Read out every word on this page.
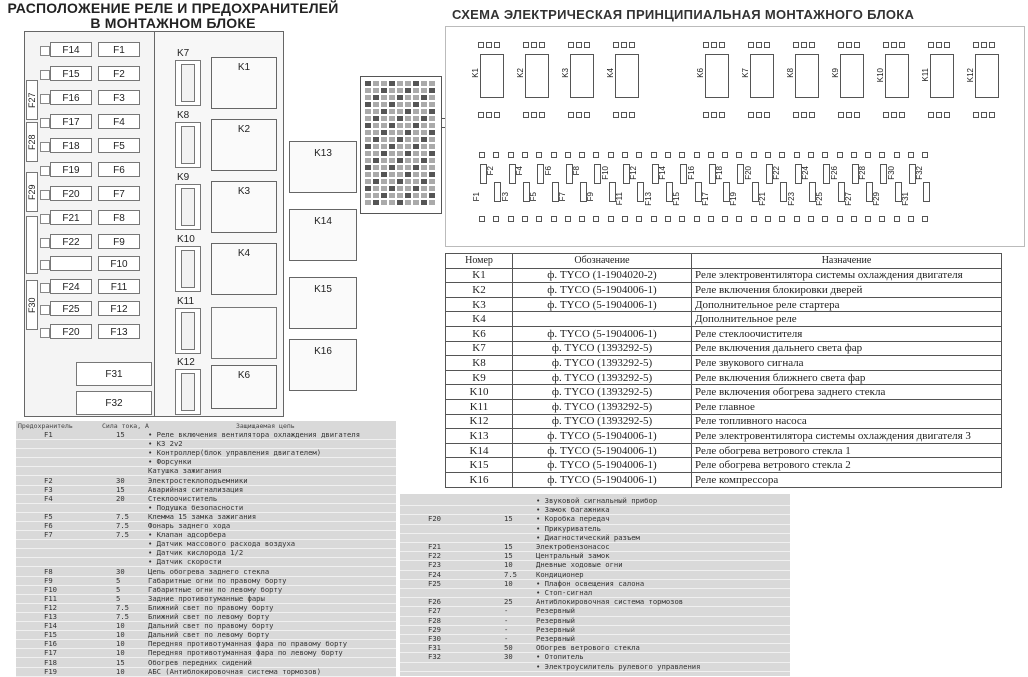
РАСПОЛОЖЕНИЕ РЕЛЕ И ПРЕДОХРАНИТЕЛЕЙ
В МОНТАЖНОМ БЛОКЕ
СХЕМА ЭЛЕКТРИЧЕСКАЯ ПРИНЦИПИАЛЬНАЯ МОНТАЖНОГО БЛОКА
F14	F1
F15	F2
F16	F3
F17	F4
F18	F5
F19	F6
F20	F7
F21	F8
F22	F9
F10
F24	F11
F25	F12
F20	F13
F27
F28
F29
F30
F31
F32
K7
K8
K9
K10
K11
K12
K1
K2
K3
K4
K6
K13
K14
K15
K16
K1	K2	K3	K4	K6	K7	K8	K9	K10	K11	K12
F1
F2
F3
F4
F5
F6
F7
F8
F9
F10
F11
F12
F13
F14
F15
F16
F17
F18
F19
F20
F21
F22
F23
F24
F25
F26
F27
F28
F29
F30
F31
F32
Номер	Обозначение	Назначение
K1	ф. TYCO (1-1904020-2)	Реле электровентилятора системы охлаждения двигателя
K2	ф. TYCO (5-1904006-1)	Реле включения блокировки дверей
K3	ф. TYCO (5-1904006-1)	Дополнительное реле стартера
K4		Дополнительное реле
K6	ф. TYCO (5-1904006-1)	Реле стеклоочистителя
K7	ф. TYCO (1393292-5)	Реле включения дальнего света фар
K8	ф. TYCO (1393292-5)	Реле звукового сигнала
K9	ф. TYCO (1393292-5)	Реле включения ближнего света фар
K10	ф. TYCO (1393292-5)	Реле включения обогрева заднего стекла
K11	ф. TYCO (1393292-5)	Реле главное
K12	ф. TYCO (1393292-5)	Реле топливного насоса
K13	ф. TYCO (5-1904006-1)	Реле электровентилятора системы охлаждения двигателя 3
K14	ф. TYCO (5-1904006-1)	Реле обогрева ветрового стекла 1
K15	ф. TYCO (5-1904006-1)	Реле обогрева ветрового стекла 2
K16	ф. TYCO (5-1904006-1)	Реле компрессора
Предохранитель	Сила тока, А	Защищаемая цепь
F1	15	• Реле включения вентилятора охлаждения двигателя
• К3 2v2
• Контроллер(блок управления двигателем)
• Форсунки
Катушка зажигания
F2	30	Электростеклоподъемники
F3	15	Аварийная сигнализация
F4	20	Стеклоочиститель
• Подушка безопасности
F5	7.5	Клемма 15 замка зажигания
F6	7.5	Фонарь заднего хода
F7	7.5	• Клапан адсорбера
• Датчик массового расхода воздуха
• Датчик кислорода 1/2
• Датчик скорости
F8	30	Цепь обогрева заднего стекла
F9	5	Габаритные огни по правому борту
F10	5	Габаритные огни по левому борту
F11	5	Задние противотуманные фары
F12	7.5	Ближний свет по правому борту
F13	7.5	Ближний свет по левому борту
F14	10	Дальний свет по правому борту
F15	10	Дальний свет по левому борту
F16	10	Передняя противотуманная фара по правому борту
F17	10	Передняя противотуманная фара по левому борту
F18	15	Обогрев передних сидений
F19	10	АБС (Антиблокировочная система тормозов)
• Звуковой сигнальный прибор
• Замок багажника
F20	15	• Коробка передач
• Прикуриватель
• Диагностический разъем
F21	15	Электробензонасос
F22	15	Центральный замок
F23	10	Дневные ходовые огни
F24	7.5	Кондиционер
F25	10	• Плафон освещения салона
• Стоп-сигнал
F26	25	Антиблокировочная система тормозов
F27	-	Резервный
F28	-	Резервный
F29	-	Резервный
F30	-	Резервный
F31	50	Обогрев ветрового стекла
F32	30	• Отопитель
• Электроусилитель рулевого управления
